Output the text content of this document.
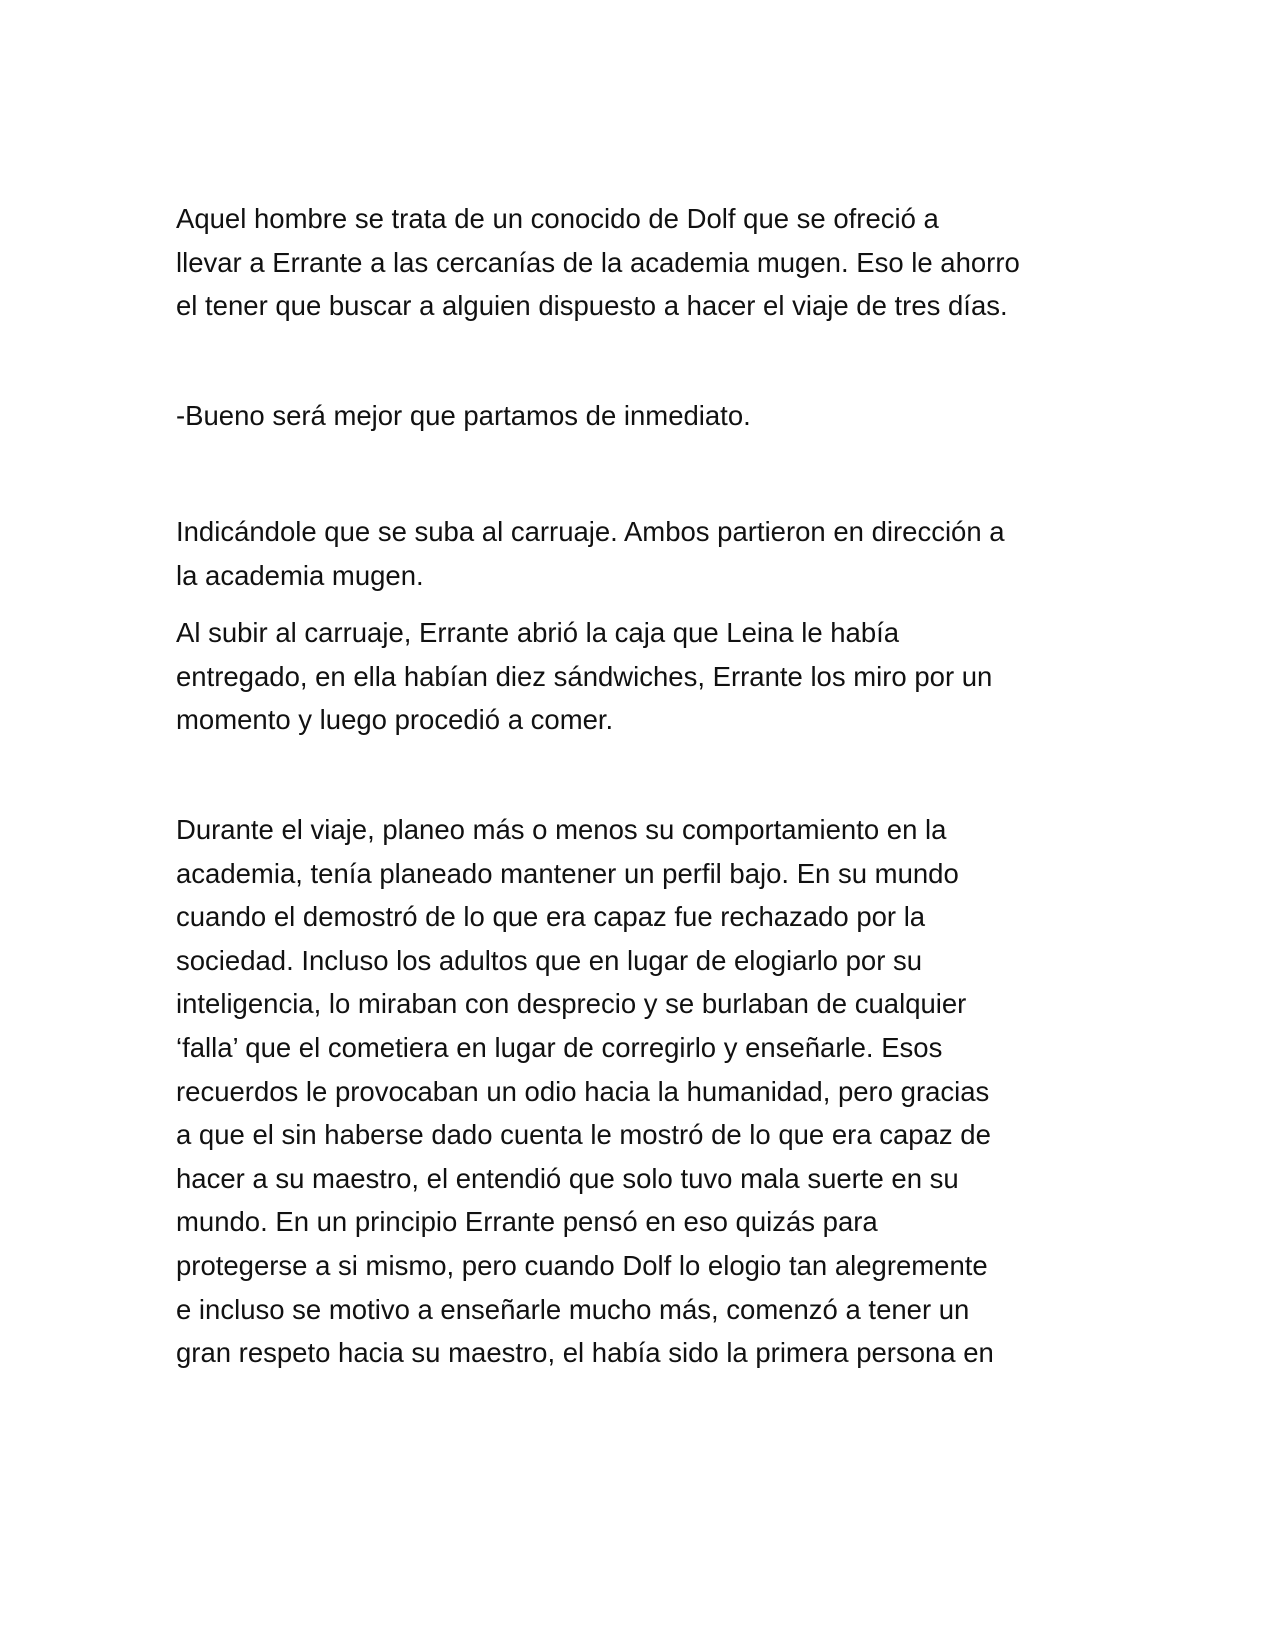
Aquel hombre se trata de un conocido de Dolf que se ofreció a
llevar a Errante a las cercanías de la academia mugen. Eso le ahorro
el tener que buscar a alguien dispuesto a hacer el viaje de tres días.
-Bueno será mejor que partamos de inmediato.
Indicándole que se suba al carruaje. Ambos partieron en dirección a
la academia mugen.
Al subir al carruaje, Errante abrió la caja que Leina le había
entregado, en ella habían diez sándwiches, Errante los miro por un
momento y luego procedió a comer.
Durante el viaje, planeo más o menos su comportamiento en la
academia, tenía planeado mantener un perfil bajo. En su mundo
cuando el demostró de lo que era capaz fue rechazado por la
sociedad. Incluso los adultos que en lugar de elogiarlo por su
inteligencia, lo miraban con desprecio y se burlaban de cualquier
‘falla’ que el cometiera en lugar de corregirlo y enseñarle. Esos
recuerdos le provocaban un odio hacia la humanidad, pero gracias
a que el sin haberse dado cuenta le mostró de lo que era capaz de
hacer a su maestro, el entendió que solo tuvo mala suerte en su
mundo. En un principio Errante pensó en eso quizás para
protegerse a si mismo, pero cuando Dolf lo elogio tan alegremente
e incluso se motivo a enseñarle mucho más, comenzó a tener un
gran respeto hacia su maestro, el había sido la primera persona en
